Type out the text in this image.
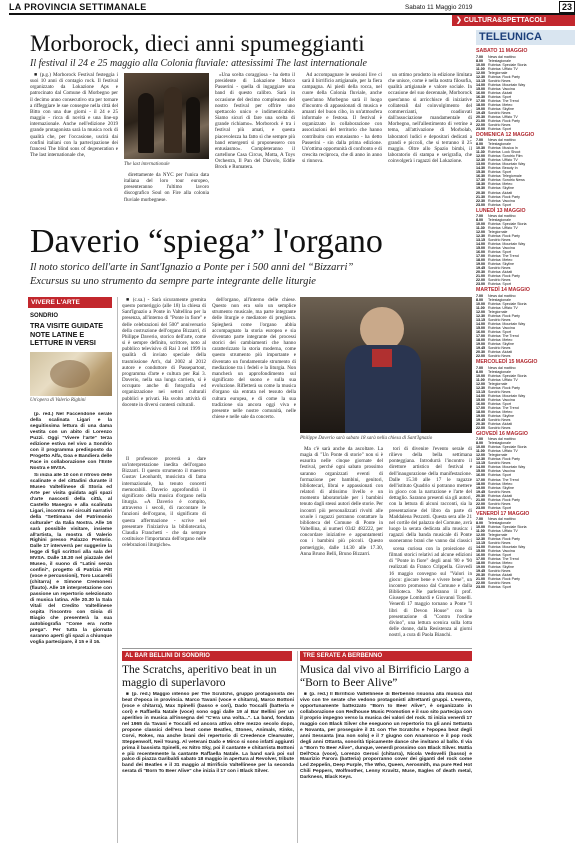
LA PROVINCIA SETTIMANALE	Sabato 11 Maggio 2019	23
❯ CULTURA&SPETTACOLI
Morborock, dieci anni spumeggianti
Il festival il 24 e 25 maggio alla Colonia fluviale: attesissimi The last internationale

■ (p.g.) Morborock Festival festeggia i suoi 10 anni di contagio rock. Il festival organizzato da Lokazione Aps e patrocinato dal Comune di Morbegno per il decimo anno consecutivo sta per tornare a riffeggiare le sue consegne nella città del Bitto con una due giorni - il 24 e 25 maggio - ricca di novità e una line-up internazionale. Anche nell'edizione 2019 grande protagonista sarà la musica rock di qualità che, per l'occasione, uscirà dai confini italiani con la partecipazione dei francesi The blind sons of degeneration e The last internationale che,

The last internationale

direttamente da NYC per l'unica data italiana del loro tour europeo, presenteranno l'ultimo lavoro discografico Soul on Fire alla colonia fluviale morbegnese.

«Una scelta coraggiosa - ha detto il presidente di Lokazione Marco Passerini - quella di ingaggiare una band di questo calibro. Sarà in occasione del decimo compleanno del nostro festival per offrire uno spettacolo unico e indimenticabile. Siamo sicuri di fare una scelta di grande richiamo». Morborock è tra i festival più amati, e questa piacevolezza ha fatto sì che sempre più band emergenti si proponessero con entusiasmo». Completeranno il cartellone Casa Circus, Motta, A Toys Orchestra, Il Pan del Diavolo, Eddie Brock e Rumatera.

Ad accompagnare le sessioni live ci sarà il birrificio artigianale, per la fiera campagna. Ai piedi della rocca, nel cuore della Colonia fluviale, anche quest'anno Morbegno sarà il luogo d'incontro di appassionati di musica e amanti del buon cibo, in un'atmosfera informale e festosa. Il festival è organizzato in collaborazione con associazioni del territorio che hanno contribuito con entusiasmo - ha detto Passerini - sin dalla prima edizione. Un'ottima opportunità di confronto e di crescita reciproca, che di anno in anno si rinnova.

un ottimo prodotto in edizione limitata che unisce, come è nella nostra filosofia, qualità artigianale e valore sociale. In occasione del suo decennale, Morborock quest'anno si arricchisce di iniziative collaterali dal coinvolgimento del commercianti, coadiuvati dall'associazione mandamentale di Morbegno, nell'allestimento di vetrine a tema, all'attivazione di Morbolab, laboratori ludici e depositari dedicati a grandi e piccoli, che si terranno il 25 maggio. Oltre allo Spazio bimbi, il laboratorio di stampa e serigrafia, che coinvolgerà i ragazzi del Lokazione.

TELEUNICA
SABATO 11 MAGGIO
7.00	News dal mattino
8.00	Telestagionale
10.00 Rubrica: Speciale Storia
11.00 Rubrica: Uffizio TV
12.00 Telegiornale
12.30 Rubrica: Rock Party
13.15 Sondrio News
14.00 Rubrica: Mountain Way
15.00 Rubrica: Vaccina
16.00 Rubrica: Aiutati
16.30 Rubrica: Sport
17.00 Rubrica: The Trend
18.00 Rubrica: Meteo
19.00 Rubrica: Skyline
19.45 Sondrio News
20.30 Rubrica: Uffizio TV
21.00 Rubrica: Rock Party
22.00 Sondrio News
23.00 Rubrica: Sport
DOMENICA 12 MAGGIO
7.00	News dal mattino
8.00	Telestagionale
10.30 Rubrica: Musica In
11.30 Rubrica: Lock Shoot
12.00 Rubrica: Sondrio Film
12.30 Rubrica: Uffizio TV
13.00 Rubrica: Mountain Way
14.30 Rubrica: Beauty In
15.30 Rubrica: Sport
16.30 Rubrica: Telegiornale
17.30 Rubrica: Sondrio News
18.30 Rubrica: Meteo
19.30 Rubrica: Skyline
20.30 Rubrica: Aiutati
21.30 Rubrica: Rock Party
22.30 Rubrica: Vaccina
23.00 Rubrica: Sport
LUNEDÌ 13 MAGGIO
7.00	News dal mattino
8.00	Telestagionale
10.00 Rubrica: Speciale Storia
11.30 Rubrica: Uffizio TV
12.00 Telegiornale
12.30 Rubrica: Rock Party
13.15 Sondrio News
14.00 Rubrica: Mountain Way
15.00 Rubrica: Vaccina
16.00 Rubrica: Sport
17.00 Rubrica: The Trend
18.00 Rubrica: Meteo
19.00 Rubrica: Skyline
19.45 Sondrio News
20.30 Rubrica: Aiutati
21.00 Rubrica: Rock Party
22.00 Sondrio News
23.00 Rubrica: Sport
MARTEDÌ 14 MAGGIO
7.00	News dal mattino
8.00	Telestagionale
10.00 Rubrica: Speciale Storia
11.00 Rubrica: Uffizio TV
12.00 Telegiornale
12.30 Rubrica: Rock Party
13.15 Sondrio News
14.00 Rubrica: Mountain Way
15.00 Rubrica: Vaccina
16.00 Rubrica: Sport
17.00 Rubrica: The Trend
18.00 Rubrica: Meteo
19.00 Rubrica: Skyline
19.45 Sondrio News
20.30 Rubrica: Aiutati
22.00 Sondrio News
MERCOLEDÌ 15 MAGGIO
7.00	News dal mattino
8.00	Telestagionale
10.00 Rubrica: Speciale Storia
11.00 Rubrica: Uffizio TV
12.00 Telegiornale
12.30 Rubrica: Rock Party
13.15 Sondrio News
14.00 Rubrica: Mountain Way
15.00 Rubrica: Vaccina
16.00 Rubrica: Sport
17.00 Rubrica: The Trend
18.00 Rubrica: Meteo
19.00 Rubrica: Skyline
19.45 Sondrio News
20.30 Rubrica: Aiutati
22.00 Sondrio News
GIOVEDÌ 16 MAGGIO
7.00	News dal mattino
8.00	Telestagionale
10.00 Rubrica: Speciale Storia
11.00 Rubrica: Uffizio TV
12.00 Telegiornale
12.30 Rubrica: Rock Party
13.15 Sondrio News
14.00 Rubrica: Mountain Way
15.00 Rubrica: Vaccina
16.00 Rubrica: Sport
17.00 Rubrica: The Trend
18.00 Rubrica: Meteo
19.00 Rubrica: Skyline
19.45 Sondrio News
20.30 Rubrica: Aiutati
21.00 Rubrica: Rock Party
22.00 Sondrio News
23.00 Rubrica: Sport
VENERDÌ 17 MAGGIO
7.00	News dal mattino
8.00	Telestagionale
10.00 Rubrica: Speciale Storia
11.00 Rubrica: Uffizio TV
12.00 Telegiornale
12.30 Rubrica: Rock Party
13.15 Sondrio News
14.00 Rubrica: Mountain Way
15.00 Rubrica: Vaccina
16.00 Rubrica: Sport
17.00 Rubrica: The Trend
18.00 Rubrica: Meteo
19.00 Rubrica: Skyline
19.45 Sondrio News
20.30 Rubrica: Aiutati
21.00 Rubrica: Rock Party
22.00 Sondrio News
23.00 Rubrica: Sport
Daverio “spiega” l'organo
Il noto storico dell'arte in Sant'Ignazio a Ponte per i 500 anni del “Bizzarri”
Excursus su uno strumento da sempre parte integrante delle liturgie
VIVERE L'ARTE
SONDRIO
TRA VISITE GUIDATE NOTE LATINE E LETTURE IN VERSI
Un'opera di Valerio Righini

(p. red.) Nel Faccendone serale della scalinata Ligari e la seguitissima lettura di una dama vestita con un abito di Lorenzo Puzzi. Oggi "Vivere l'arte" terza edizione estiva nel vivo a Sondrio con il programma predisposto da Progetto Alfa, Goa e Bandiera delle Pace in collaborazione con l'Ente Nostra e MVSA.

Si inizia alle 10 con il ritrovo delle scalinate e del cittadini durante il Museo Valtellinese di Storia ed Arte per visita guidata agli spazi d'arte nascosti della città, al Castello Masegra e alla scalinata Ligari, incontra nei circuiti narrativi della "Settimana del Patrimonio culturale" da Italia Nostra. Alle 16 sarà possibile visitare, insieme all'artista, la mostra di Valerio Righini presso Palazzo Pretorio. Dalle 17 interverrà per suggerire la legge di figli scrittori alla sala del MVSA. Dalle 18.30 nel piazzale del Museo, il suono di "Latini senza confini", progetto di Patrizia Pitt (voce e percussioni), Toro Lucarelli (chitarra) e Simone Cremonesi (flauto). Alle 19 interpretazione con passione un repertorio selezionato di musica latina. Alle 20.30 la Sala Vitali del Credito Valtellinese ospita l'incontro con Gioia di Biagio che presenterà la sua autobiografia "Come era notte prega". Per tutta la giornata saranno aperti gli spazi a chiunque voglia partecipare, il 15 e il 16.

■ (c.sa.) - Sarà sicuramente gremita questo pomeriggio (alle 18) la chiesa di Sant'Ignazio a Ponte in Valtellina per la presenza, all'interno di "Ponte in fiore" e delle celebrazioni del 500° anniversario della costruzione dell'organo Bizzarri, di Philippe Daverio, storico dell'arte, come si è sempre definito, scrittore, noto al pubblico televisivo di Rai 3 nel 1999 in qualità di inviato speciale della trasmissione Art's, dal 2002 al 2012 autore e conduttore di Passepartout, programma d'arte e cultura per Rai 3. Daverio, nella sua lunga carriera, si è occupato anche di fotografia ed organizzazione nei settori culturali pubblici e privati. Ha svolto attività di docente in diversi contesti culturali.

Il professore proverà a dare un'interpretazione inedita dell'organo Bizzarri. Il questo strumento il maestro Gustav Leonhardt, musicista di fama internazionale, ha tenuto concerti memorabili. Daverio approfondirà il significato della musica d'organo nella liturgia. «A Daverio è compito, attraverso i secoli, di raccontare le funzioni dell'organo, il significato di questa affermazione - scrive nel presentare l'iniziativa la bibliotecaria, Claudia Franchetti - che da sempre costituisce l'importanza dell'organo nelle celebrazioni liturgiche».

dell'organo, all'interno delle chiese. Questo non era solo un semplice strumento musicale, ma parte integrante delle liturgie e mediatore di preghiera. Spiegherà come l'organo abbia accompagnato la storia europea e sia diventato parte integrante dei processi storici dei cambiamenti che hanno caratterizzato la storia moderna, come questo strumento più importante e diventato un fondamentale strumento di mediazione tra i fedeli e la liturgia. Non mancherà un approfondimento sul significato del suono e sulla sua evoluzione. Rifletterà su come la musica d'organo sia entrata nel tessuto della cultura europea, e di come la sua tradizione sia ancora oggi viva e presente nelle nostre comunità, nelle chiese e nelle sale da concerto.

Philippe Daverio sarà sabato 18 sarà nella chiesa di Sant'Ignazio

Ma c'è sarà anche da ascoltare. La magia di "Un Ponte di storie" non si è esaurita nelle cinque giornate del festival, perché ogni sabato prossimo saranno organizzati eventi di formazione per bambini, genitori, bibliotecari, librai e appassionati con relatori di altissimo livello e un momento laboratoriale per i bambini tenuto dagli stessi autori delle storie. Per incontri più personalizzati rivolti alle scuole i ragazzi potranno contattare la biblioteca del Comune di Ponte in Valtellina, ai numeri 0342 482222, per concordare iniziative e appuntamenti con i bambini più piccoli. Questo pomeriggio, dalle 14.30 alle 17.30, Anna Bruno Belli, Bruno Bizzarri.

tori di divenire l'evento serale di rilievo della bella settimana ponteggiana. Introdurrà l'incontro il direttore artistico del festival e dell'inaugurazione della manifestazione. Dalle 15.30 alle 17 le ragazze dell'istituto Quadrio si potranno mettere in gioco con la narrazione e l'arte del dettaglio. Saranno presenti sia gli autori, con la lettura di alcuni racconti, sia la presentazione del libro da parte di Maddalena Pezzotti. Questa sera alle 21 nel cortile del palazzo del Comune, avrà luogo la serata dedicata alla musica: i ragazzi della banda musicale di Ponte suoneranno brani che vanno dai classici

scena curiosa con la proiezione di filmati storici relativi ad alcune edizioni di "Ponte in fiore" degli anni '80 e '90 realizzati da Franco Crippella. Giovedì 16 maggio convegno sul "Valori in gioco: giocare bene e vivere bene", un incontro promosso dal Comune e dalla Biblioteca. Ne parleranno il prof. Giuseppe Lombardi e Giovanni Tonelli. Venerdì 17 maggio tornano a Ponte "I libri di Devon House" con la presentazione di "Contro l'ordine divino", una lettura scenica sulla lotta delle donne, dalla Resistenza ai giorni nostri, a cura di Paola Bianchi.

AL BAR BELLINI DI SONDRIO
The Scratchs, aperitivo beat in un maggio di superlavoro

■ (p. red.) Maggio intenso per The Scratchs, gruppo protagonista dei beat d'epoca in provincia. Marco Tavani (voce e chitarra), Marco Bottoni (voce e chitarra), Max Spinelli (basso e cori), Dado Toccalli (batteria e cori) e Raffaella Natale (voce) sono oggi dalle 19 al Bar Bellini per un aperitivo in musica all'insegna del "C'era una volta...". La band, fondata nel 1965 da Tavani e Toccalli ed ancora attiva oltre mezzo secolo dopo, propone classici dell'era beat come Beatles, Stones, Animals, Kinks, Corvi, Rokes, ma anche brani dei repertorio di Creedence Clearwater, Steppenwolf, Neil Young. Al veterani Dado e Mirco si sono infatti aggiunti prima il bassista Spinelli, ex Nitro Sky, poi il cantante e chitarrista Bottoni e più recentemente la cantante Raffaella Natale. La band sarà poi sul palco di piazza Garibaldi sabato 18 maggio in apertura al Revolver, tribute band dei Beatles e il 31 maggio al Birrificio Valtellinese per la seconda serata di "Born To Beer Alive" che inizia il 17 con i Black Silver.

TRE SERATE A BERBENNO
Musica dal vivo al Birrificio Largo a “Born to Beer Alive”

■ (p. red.) Il Birrificio Valtellinese di Berbenno risuona alla musica dal vivo con tre serate che vedono protagonisti altrettanti gruppi. L'evento, opportunamente battezzato "Born to Beer Alive", è organizzato in collaborazione con Redhouse Music Promotion e il suo sito partecipa con il proprio impegno verso la musica dei valori del rock. Si inizia venerdì 17 maggio con Black Silver che eseguono un repertorio tra gli anni Settanta e Novanta, per proseguire il 31 con The Scratchs e l'epopea beat degli anni Sessanta (ma non solo) e il 7 giugno con Anamorco e il pop rock degli anni Ottanta, sonorità tipicamente dance che invitano al ballo. Il via a "Born To Beer Alive", dunque, venerdì prossimo con Black Silver. Mattia Dell'Oca (voce), Lorenzo Gerosi (chitarra), Nicola Vedovelli (basso) e Maurizio Parora (batteria) proporranno cover dei giganti del rock come Led Zeppelin, Deep Purple, The Who, Queen, Aerosmith, ma pure Red Hot Chili Peppers, Wolfmother, Lenny Kravitz, Muse, Eagles of death metal, Darkness, Black Keys.
